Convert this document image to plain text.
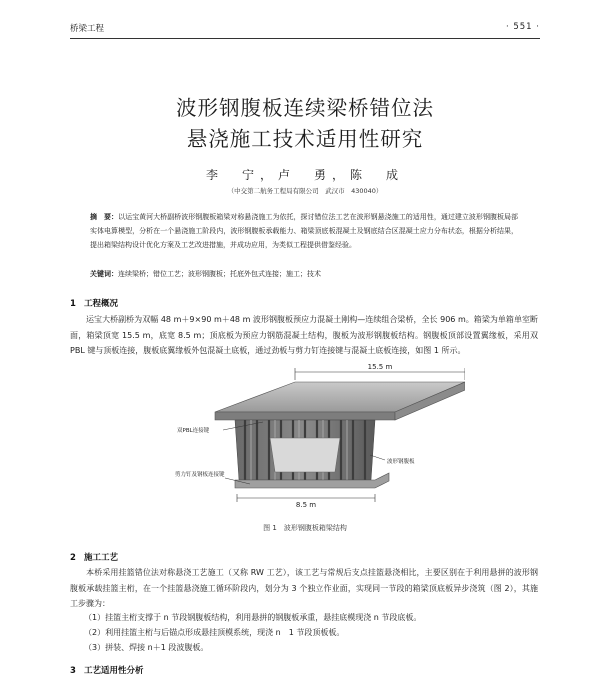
桥梁工程	· 551 ·
波形钢腹板连续梁桥错位法
悬浇施工技术适用性研究
李　宁，卢　勇，陈　成
（中交第二航务工程局有限公司　武汉市　430040）
摘　要：以运宝黄河大桥副桥波形钢腹板箱梁对称悬浇施工为依托，探讨错位法工艺在波形钢悬浇施工的适用性，通过建立波形钢腹板局部实体电算模型，分析在一个悬浇施工阶段内，波形钢腹板承载能力、箱梁顶底板混凝土及钢底结合区混凝土应力分布状态，根据分析结果，提出箱梁结构设计优化方案及工艺改进措施，并成功应用，为类似工程提供借鉴经验。
关键词：连续梁桥；错位工艺；波形钢腹板；托底外包式连接；施工；技术
1 工程概况
运宝大桥副桥为双幅 48 m＋9×90 m＋48 m 波形钢腹板预应力混凝土刚构—连续组合梁桥，全长 906 m。箱梁为单箱单室断面，箱梁顶宽 15.5 m，底宽 8.5 m；顶底板为预应力钢筋混凝土结构，腹板为波形钢腹板结构。钢腹板顶部设置翼缘板，采用双 PBL 键与顶板连接，腹板底翼缘板外包混凝土底板，通过劲板与剪力钉连接键与混凝土底板连接，如图 1 所示。
15.5 m
8.5 m
双PBL连接键
波形钢腹板
剪力钉及钢板连接键
图 1　波形钢腹板箱梁结构
2 施工工艺
本桥采用挂篮错位法对称悬浇工艺施工（又称 RW 工艺），该工艺与常规后支点挂篮悬浇相比，主要区别在于利用悬拼的波形钢腹板承载挂篮主桁，在一个挂篮悬浇施工循环阶段内，划分为 3 个独立作业面，实现同一节段的箱梁顶底板异步浇筑（图 2），其施工步骤为：
（1）挂篮主桁支撑于 n 节段钢腹板结构，利用悬拼的钢腹板承重，悬挂底模现浇 n 节段底板。
（2）利用挂篮主桁与后锚点形成悬挂顶模系统，现浇 n　1 节段顶板板。
（3）拼装、焊接 n＋1 段波腹板。
3 工艺适用性分析
